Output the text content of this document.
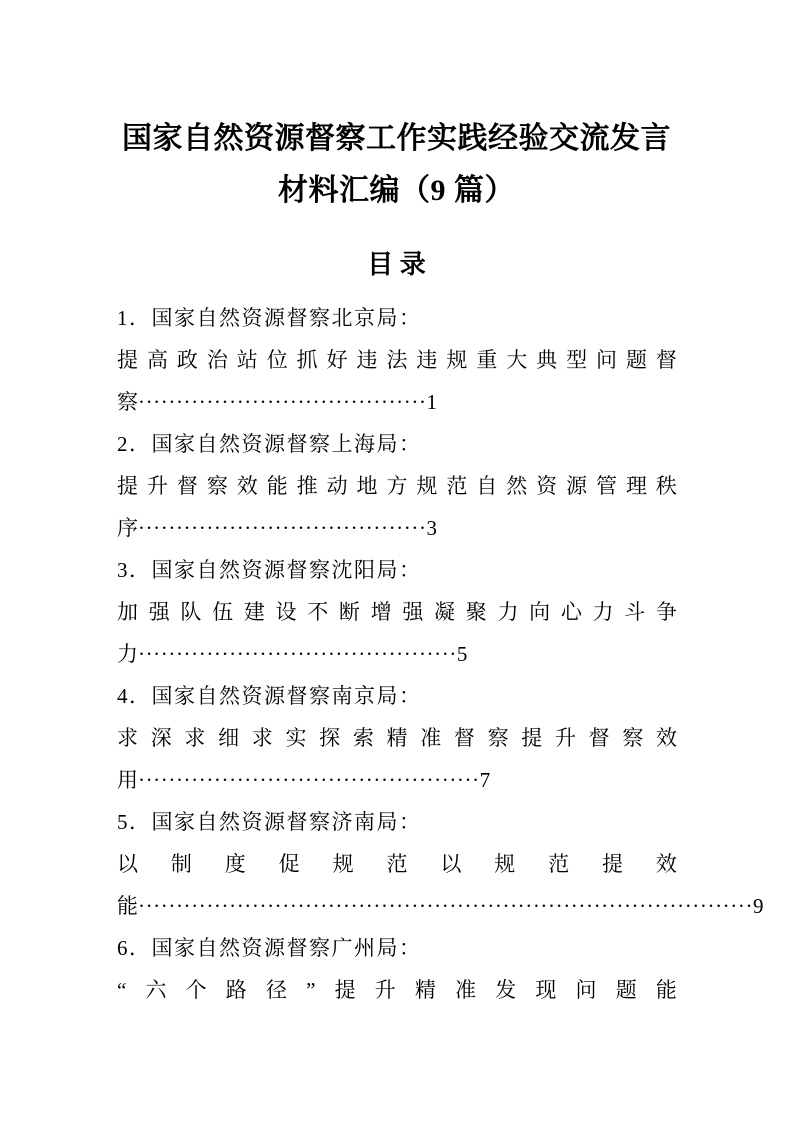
国家自然资源督察工作实践经验交流发言
材料汇编（9 篇）
目 录
1．国家自然资源督察北京局：
提 高 政 治 站 位 抓 好 违 法 违 规 重 大 典 型 问 题 督
察······································1
2．国家自然资源督察上海局：
提 升 督 察 效 能 推 动 地 方 规 范 自 然 资 源 管 理 秩
序······································3
3．国家自然资源督察沈阳局：
加 强 队 伍 建 设 不 断 增 强 凝 聚 力 向 心 力 斗 争
力··········································5
4．国家自然资源督察南京局：
求 深 求 细 求 实 探 索 精 准 督 察 提 升 督 察 效
用·············································7
5．国家自然资源督察济南局：
以 制 度 促 规 范 以 规 范 提 效
能·················································································9
6．国家自然资源督察广州局：
“ 六 个 路 径 ” 提 升 精 准 发 现 问 题 能
